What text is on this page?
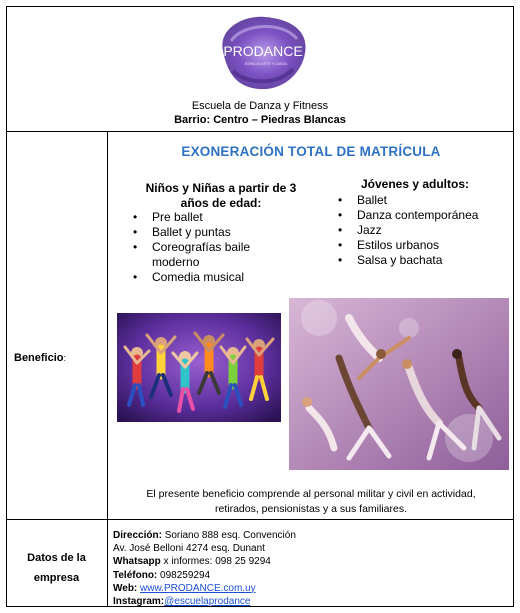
PRODANCE
ESPACIO ARTE Y DANZA
Escuela de Danza y Fitness
Barrio: Centro – Piedras Blancas
Beneficio:
Datos de la
empresa
EXONERACIÓN TOTAL DE MATRÍCULA
Niños y Niñas a partir de 3
años de edad:
• Pre ballet
• Ballet y puntas
• Coreografías baile moderno
• Comedia musical
Jóvenes y adultos:
• Ballet
• Danza contemporánea
• Jazz
• Estilos urbanos
• Salsa y bachata
El presente beneficio comprende al personal militar y civil en actividad,
retirados, pensionistas y a sus familiares.
Dirección: Soriano 888 esq. Convención
Av. José Belloni 4274 esq. Dunant
Whatsapp x informes: 098 25 9294
Teléfono: 098259294
Web: www.PRODANCE.com.uy
Instagram:@escuelaprodance
